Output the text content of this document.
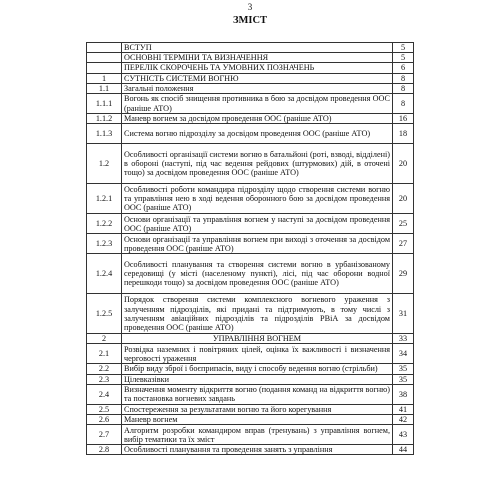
3
ЗМІСТ
	ВСТУП	5
	ОСНОВНІ ТЕРМІНИ ТА ВИЗНАЧЕННЯ	5
	ПЕРЕЛІК СКОРОЧЕНЬ ТА УМОВНИХ ПОЗНАЧЕНЬ	6
1	СУТНІСТЬ СИСТЕМИ ВОГНЮ	8
1.1	Загальні положення	8
1.1.1	Вогонь як спосіб знищення противника в бою за досвідом проведення ООС (раніше АТО)	8
1.1.2	Маневр вогнем за досвідом проведення ООС (раніше АТО)	16
1.1.3	Система вогню підрозділу за досвідом проведення ООС (раніше АТО)	18
1.2	Особливості організації системи вогню в батальйоні (роті, взводі, відділені) в обороні (наступі, під час ведення рейдових (штурмових) дій, в оточені тощо) за досвідом проведення ООС (раніше АТО)	20
1.2.1	Особливості роботи командира підрозділу щодо створення системи вогню та управління нею в ході ведення оборонного бою за досвідом проведення ООС (раніше АТО)	20
1.2.2	Основи організації та управління вогнем у наступі за досвідом проведення ООС (раніше АТО)	25
1.2.3	Основи організації та управління вогнем при виході з оточення за досвідом проведення ООС (раніше АТО)	27
1.2.4	Особливості планування та створення системи вогню в урбанізованому середовищі (у місті (населеному пункті), лісі, під час оборони водної перешкоди тощо) за досвідом проведення ООС (раніше АТО)	29
1.2.5	Порядок створення системи комплексного вогневого ураження з залученням підрозділів, які придані та підтримують, в тому числі з залученням авіаційних підрозділів та підрозділів РВіА за досвідом проведення ООС (раніше АТО)	31
2	УПРАВЛІННЯ ВОГНЕМ	33
2.1	Розвідка наземних і повітряних цілей, оцінка їх важливості і визначення черговості ураження	34
2.2	Вибір виду зброї і боєприпасів, виду і способу ведення вогню (стрільби)	35
2.3	Цілевказівки	35
2.4	Визначення моменту відкриття вогню (подання команд на відкриття вогню) та постановка вогневих завдань	38
2.5	Спостереження за результатами вогню та його корегування	41
2.6	Маневр вогнем	42
2.7	Алгоритм розробки командиром вправ (тренувань) з управління вогнем, вибір тематики та їх зміст	43
2.8	Особливості планування та проведення занять з управління	44
